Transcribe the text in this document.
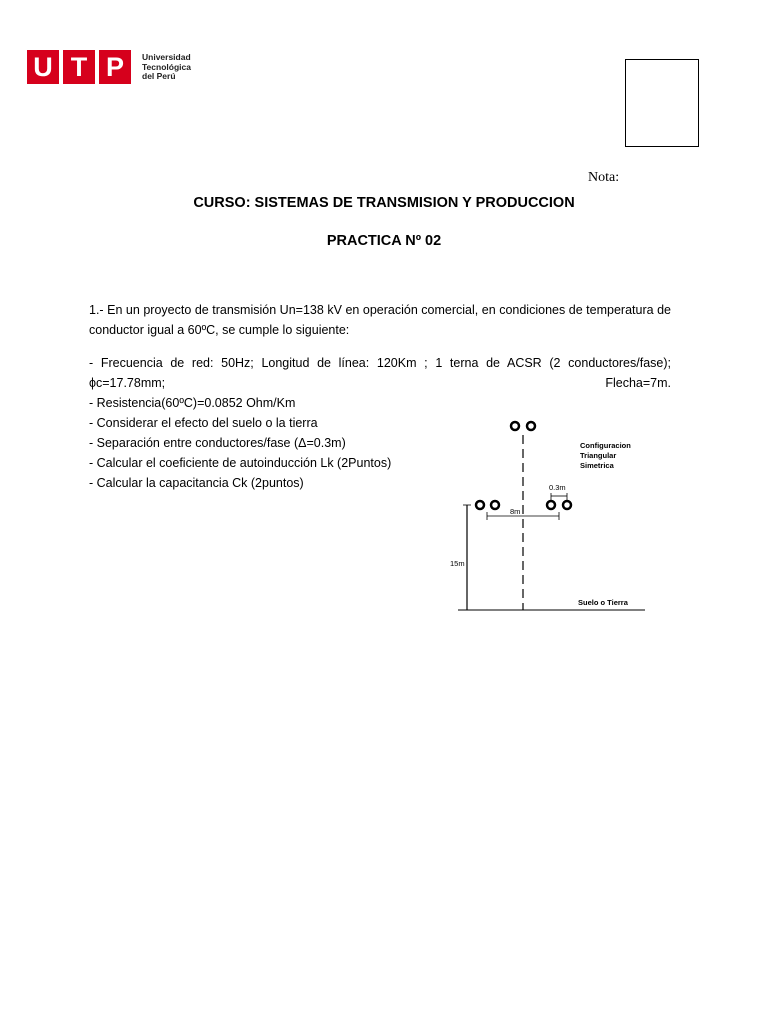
U T P	Universidad
Tecnológica
del Perú
Nota:
CURSO: SISTEMAS DE TRANSMISION Y PRODUCCION
PRACTICA Nº 02
1.- En un proyecto de transmisión Un=138 kV en operación comercial, en condiciones de temperatura de conductor igual a 60ºC, se cumple lo siguiente:
- Frecuencia de red: 50Hz; Longitud de línea: 120Km ; 1 terna de ACSR (2 conductores/fase); ϕc=17.78mm; Flecha=7m.
- Resistencia(60ºC)=0.0852 Ohm/Km
- Considerar el efecto del suelo o la tierra
- Separación entre conductores/fase (Δ=0.3m)
- Calcular el coeficiente de autoinducción Lk (2Puntos)
- Calcular la capacitancia Ck (2puntos)	0.3m
8m
15m
Suelo o Tierra
Configuracion
Triangular
Simetrica
